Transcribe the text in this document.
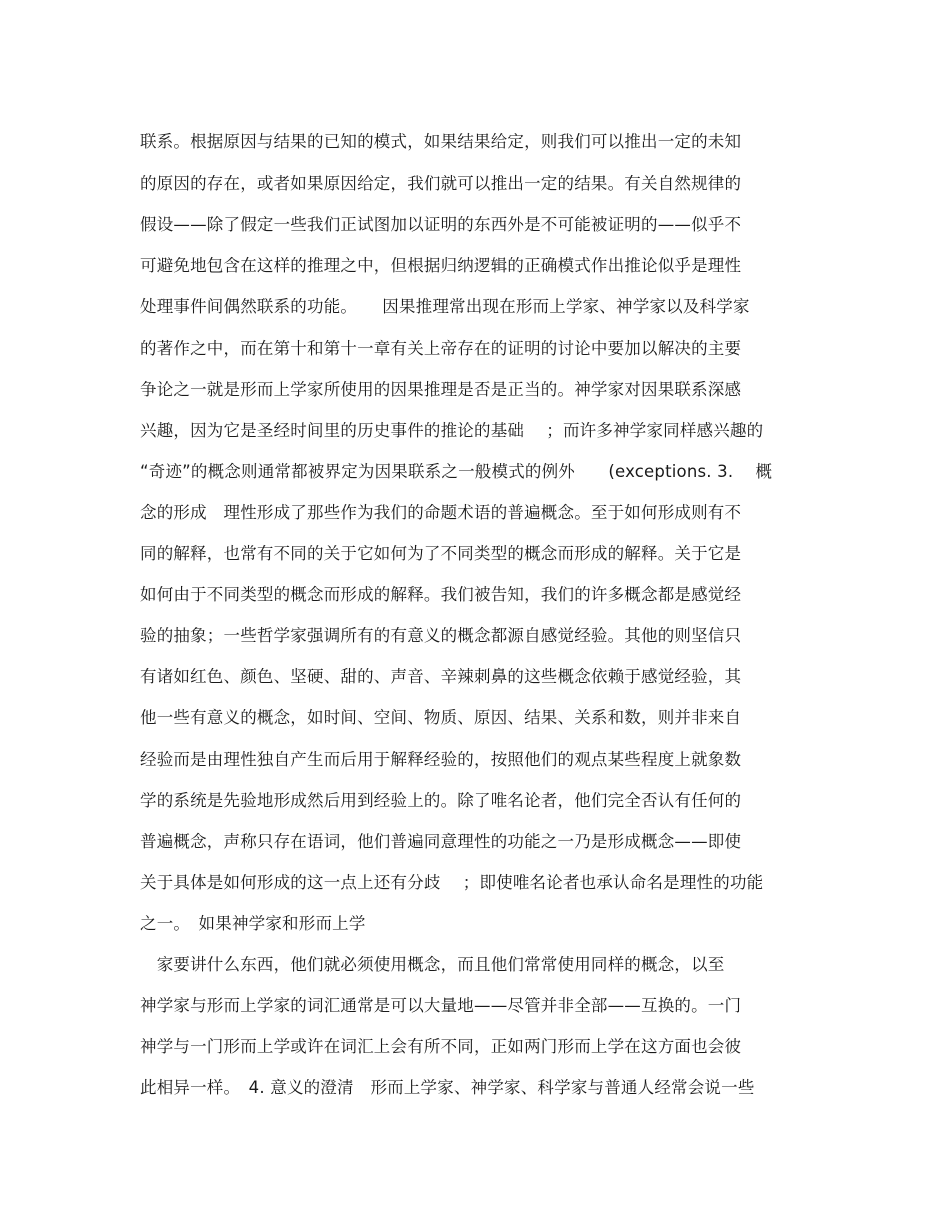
联系。根据原因与结果的已知的模式，如果结果给定，则我们可以推出一定的未知
的原因的存在，或者如果原因给定，我们就可以推出一定的结果。有关自然规律的
假设——除了假定一些我们正试图加以证明的东西外是不可能被证明的——似乎不
可避免地包含在这样的推理之中，但根据归纳逻辑的正确模式作出推论似乎是理性
处理事件间偶然联系的功能。　　因果推理常出现在形而上学家、神学家以及科学家
的著作之中，而在第十和第十一章有关上帝存在的证明的讨论中要加以解决的主要
争论之一就是形而上学家所使用的因果推理是否是正当的。神学家对因果联系深感
兴趣，因为它是圣经时间里的历史事件的推论的基础　 ；而许多神学家同样感兴趣的
“奇迹”的概念则通常都被界定为因果联系之一般模式的例外　　(exceptions. 3.　 概
念的形成　理性形成了那些作为我们的命题术语的普遍概念。至于如何形成则有不
同的解释，也常有不同的关于它如何为了不同类型的概念而形成的解释。关于它是
如何由于不同类型的概念而形成的解释。我们被告知，我们的许多概念都是感觉经
验的抽象；一些哲学家强调所有的有意义的概念都源自感觉经验。其他的则坚信只
有诸如红色、颜色、坚硬、甜的、声音、辛辣刺鼻的这些概念依赖于感觉经验，其
他一些有意义的概念，如时间、空间、物质、原因、结果、关系和数，则并非来自
经验而是由理性独自产生而后用于解释经验的，按照他们的观点某些程度上就象数
学的系统是先验地形成然后用到经验上的。除了唯名论者，他们完全否认有任何的
普遍概念，声称只存在语词，他们普遍同意理性的功能之一乃是形成概念——即使
关于具体是如何形成的这一点上还有分歧　 ；即使唯名论者也承认命名是理性的功能
之一。　如果神学家和形而上学
　家要讲什么东西，他们就必须使用概念，而且他们常常使用同样的概念，以至
神学家与形而上学家的词汇通常是可以大量地——尽管并非全部——互换的。一门
神学与一门形而上学或许在词汇上会有所不同，正如两门形而上学在这方面也会彼
此相异一样。　4. 意义的澄清　形而上学家、神学家、科学家与普通人经常会说一些
